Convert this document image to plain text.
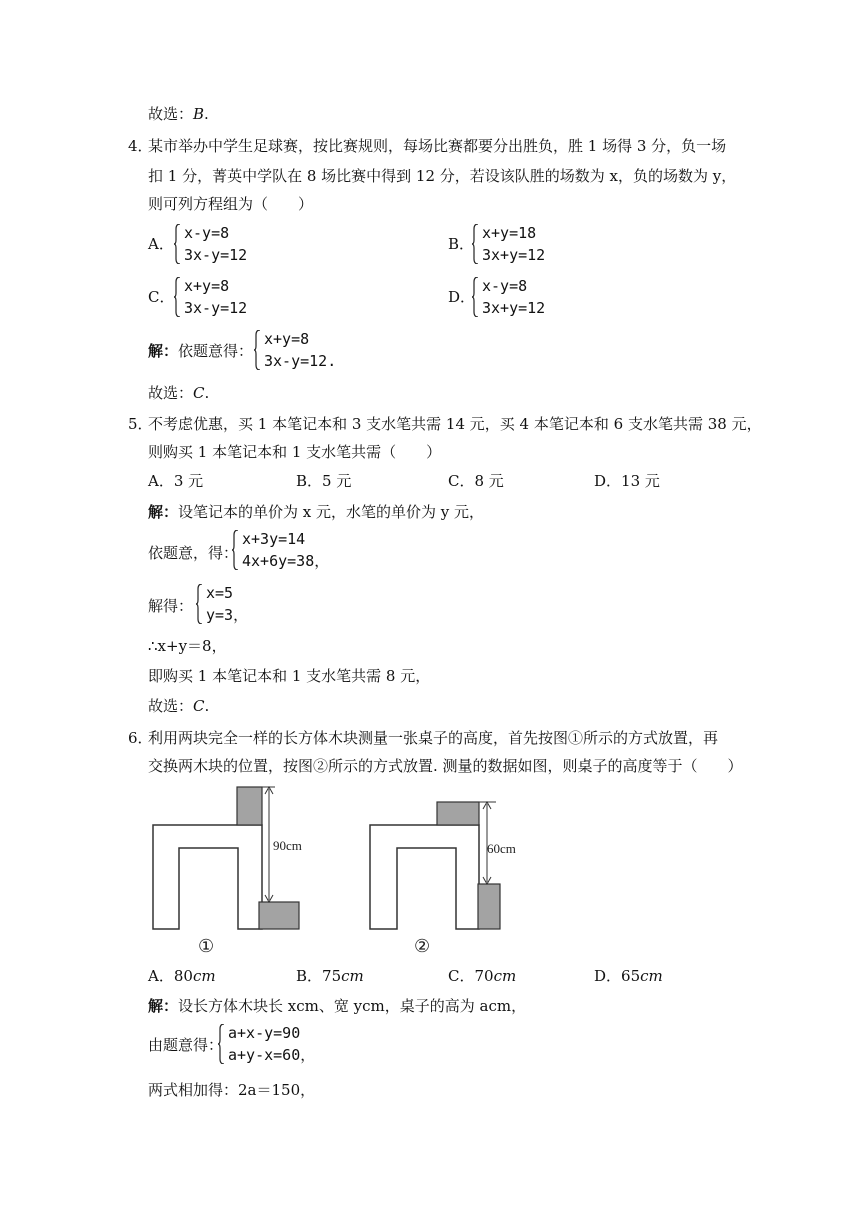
故选：B.
4．
某市举办中学生足球赛，按比赛规则，每场比赛都要分出胜负，胜 1 场得 3 分，负一场
扣 1 分，菁英中学队在 8 场比赛中得到 12 分，若设该队胜的场数为 x，负的场数为 y，
则可列方程组为（　　）
A．
x-y=8
3x-y=12
B．
x+y=18
3x+y=12
C．
x+y=8
3x-y=12
D．
x-y=8
3x+y=12
解：依题意得：
x+y=8
3x-y=12.
故选：C.
5．
不考虑优惠，买 1 本笔记本和 3 支水笔共需 14 元，买 4 本笔记本和 6 支水笔共需 38 元，
则购买 1 本笔记本和 1 支水笔共需（　　）
A．3 元	B．5 元	C．8 元	D．13 元
解：设笔记本的单价为 x 元，水笔的单价为 y 元，
依题意，得：
x+3y=14
4x+6y=38，
解得：
x=5
y=3，
∴x+y＝8，
即购买 1 本笔记本和 1 支水笔共需 8 元，
故选：C.
6．
利用两块完全一样的长方体木块测量一张桌子的高度，首先按图①所示的方式放置，再
交换两木块的位置，按图②所示的方式放置. 测量的数据如图，则桌子的高度等于（　　）
90cm
①
60cm
②
A．80cm	B．75cm	C．70cm	D．65cm
解：设长方体木块长 xcm、宽 ycm，桌子的高为 acm，
由题意得：
a+x-y=90
a+y-x=60，
两式相加得：2a＝150，
